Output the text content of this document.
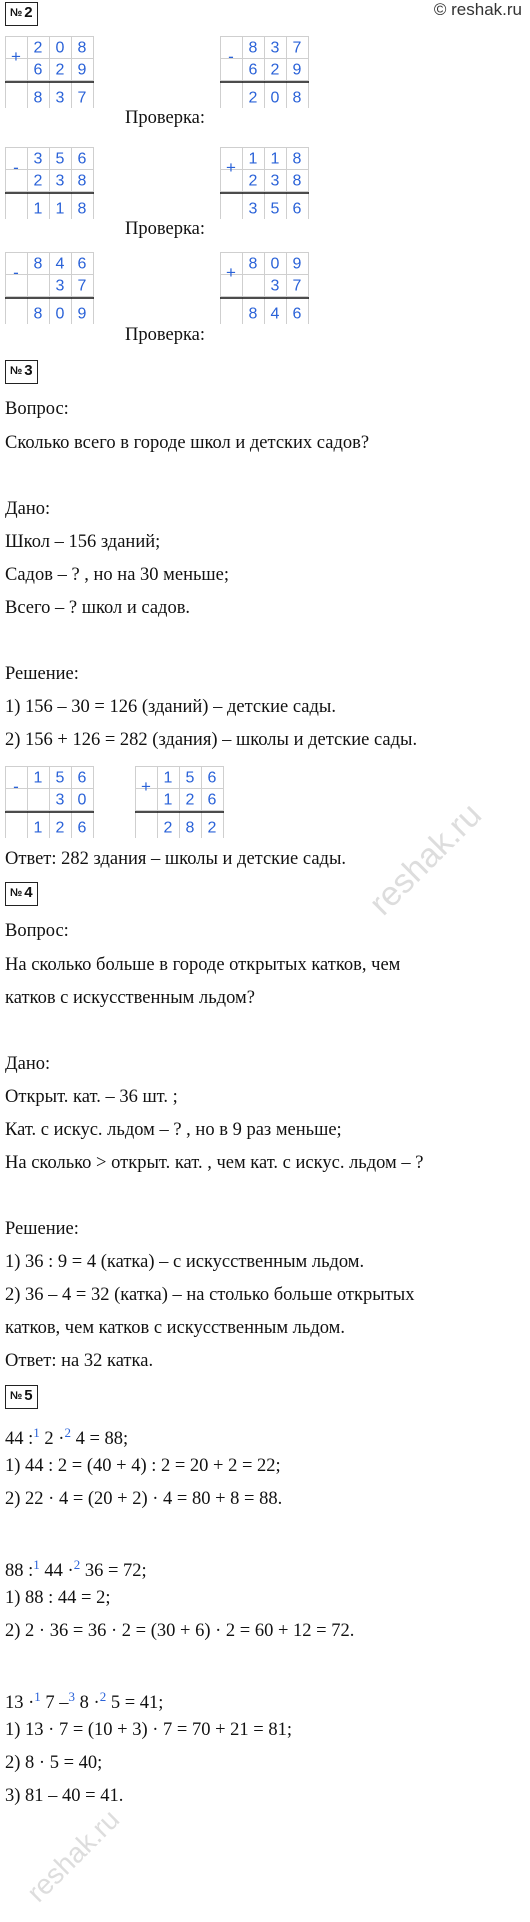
© reshak.ru
reshak.ru
reshak.ru
№ 2
+ 2 0 8
6 2 9
8 3 7
- 8 3 7
6 2 9
2 0 8
Проверка:
- 3 5 6
2 3 8
1 1 8
+ 1 1 8
2 3 8
3 5 6
Проверка:
- 8 4 6
3 7
8 0 9
+ 8 0 9
3 7
8 4 6
Проверка:
№ 3
Вопрос:
Сколько всего в городе школ и детских садов?
Дано:
Школ – 156 зданий;
Садов – ? , но на 30 меньше;
Всего – ? школ и садов.
Решение:
1) 156 – 30 = 126 (зданий) – детские сады.
2) 156 + 126 = 282 (здания) – школы и детские сады.
- 1 5 6
3 0
1 2 6
+ 1 5 6
1 2 6
2 8 2
Ответ: 282 здания – школы и детские сады.
№ 4
Вопрос:
На сколько больше в городе открытых катков, чем
катков с искусственным льдом?
Дано:
Открыт. кат. – 36 шт. ;
Кат. с искус. льдом – ? , но в 9 раз меньше;
На сколько > открыт. кат. , чем кат. с искус. льдом – ?
Решение:
1) 36 : 9 = 4 (катка) – с искусственным льдом.
2) 36 – 4 = 32 (катка) – на столько больше открытых
катков, чем катков с искусственным льдом.
Ответ: на 32 катка.
№ 5
44 :$^1$ 2 ·$^2$ 4 = 88;
1) 44 : 2 = (40 + 4) : 2 = 20 + 2 = 22;
2) 22 · 4 = (20 + 2) · 4 = 80 + 8 = 88.
88 :$^1$ 44 ·$^2$ 36 = 72;
1) 88 : 44 = 2;
2) 2 · 36 = 36 · 2 = (30 + 6) · 2 = 60 + 12 = 72.
13 ·$^1$ 7 –$^3$ 8 ·$^2$ 5 = 41;
1) 13 · 7 = (10 + 3) · 7 = 70 + 21 = 81;
2) 8 · 5 = 40;
3) 81 – 40 = 41.
